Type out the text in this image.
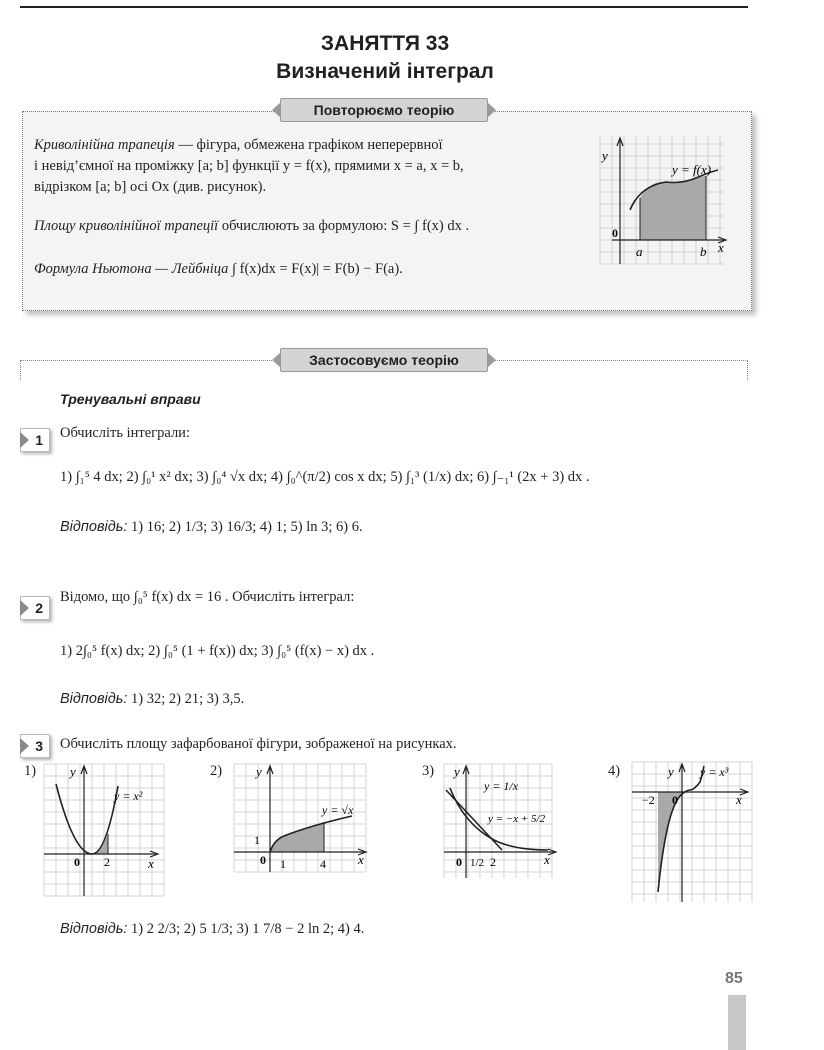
ЗАНЯТТЯ 33
Визначений інтеграл
Повторюємо теорію
Криволінійна трапеція — фігура, обмежена графіком неперервної
і невід’ємної на проміжку [a; b] функції y = f(x), прямими x = a, x = b,
відрізком [a; b] осі Ox (див. рисунок).
Площу криволінійної трапеції обчислюють за формулою: S = ∫ f(x) dx .
Формула Ньютона — Лейбніца ∫ f(x)dx = F(x)| = F(b) − F(a).
y
x
y = f(x)
0
a	b
Застосовуємо теорію
Тренувальні вправи
1	Обчисліть інтеграли:
1) ∫₁⁵ 4 dx; 2) ∫₀¹ x² dx; 3) ∫₀⁴ √x dx; 4) ∫₀^(π/2) cos x dx; 5) ∫₁³ (1/x) dx; 6) ∫₋₁¹ (2x + 3) dx .
Відповідь: 1) 16; 2) 1/3; 3) 16/3; 4) 1; 5) ln 3; 6) 6.
2
Відомо, що ∫₀⁵ f(x) dx = 16 . Обчисліть інтеграл:
1) 2∫₀⁵ f(x) dx; 2) ∫₀⁵ (1 + f(x)) dx; 3) ∫₀⁵ (f(x) − x) dx .
Відповідь: 1) 32; 2) 21; 3) 3,5.
3	Обчисліть площу зафарбованої фігури, зображеної на рисунках.
1)	y
x
y = x²
0 2
2)	y
x
y = √x
0 1	4
1
3) y
x
y = 1/x
y = −x + 5/2
0 1/2 2
4)	y
x
y = x³
−2 0
Відповідь: 1) 2 2/3; 2) 5 1/3; 3) 1 7/8 − 2 ln 2; 4) 4.
85
